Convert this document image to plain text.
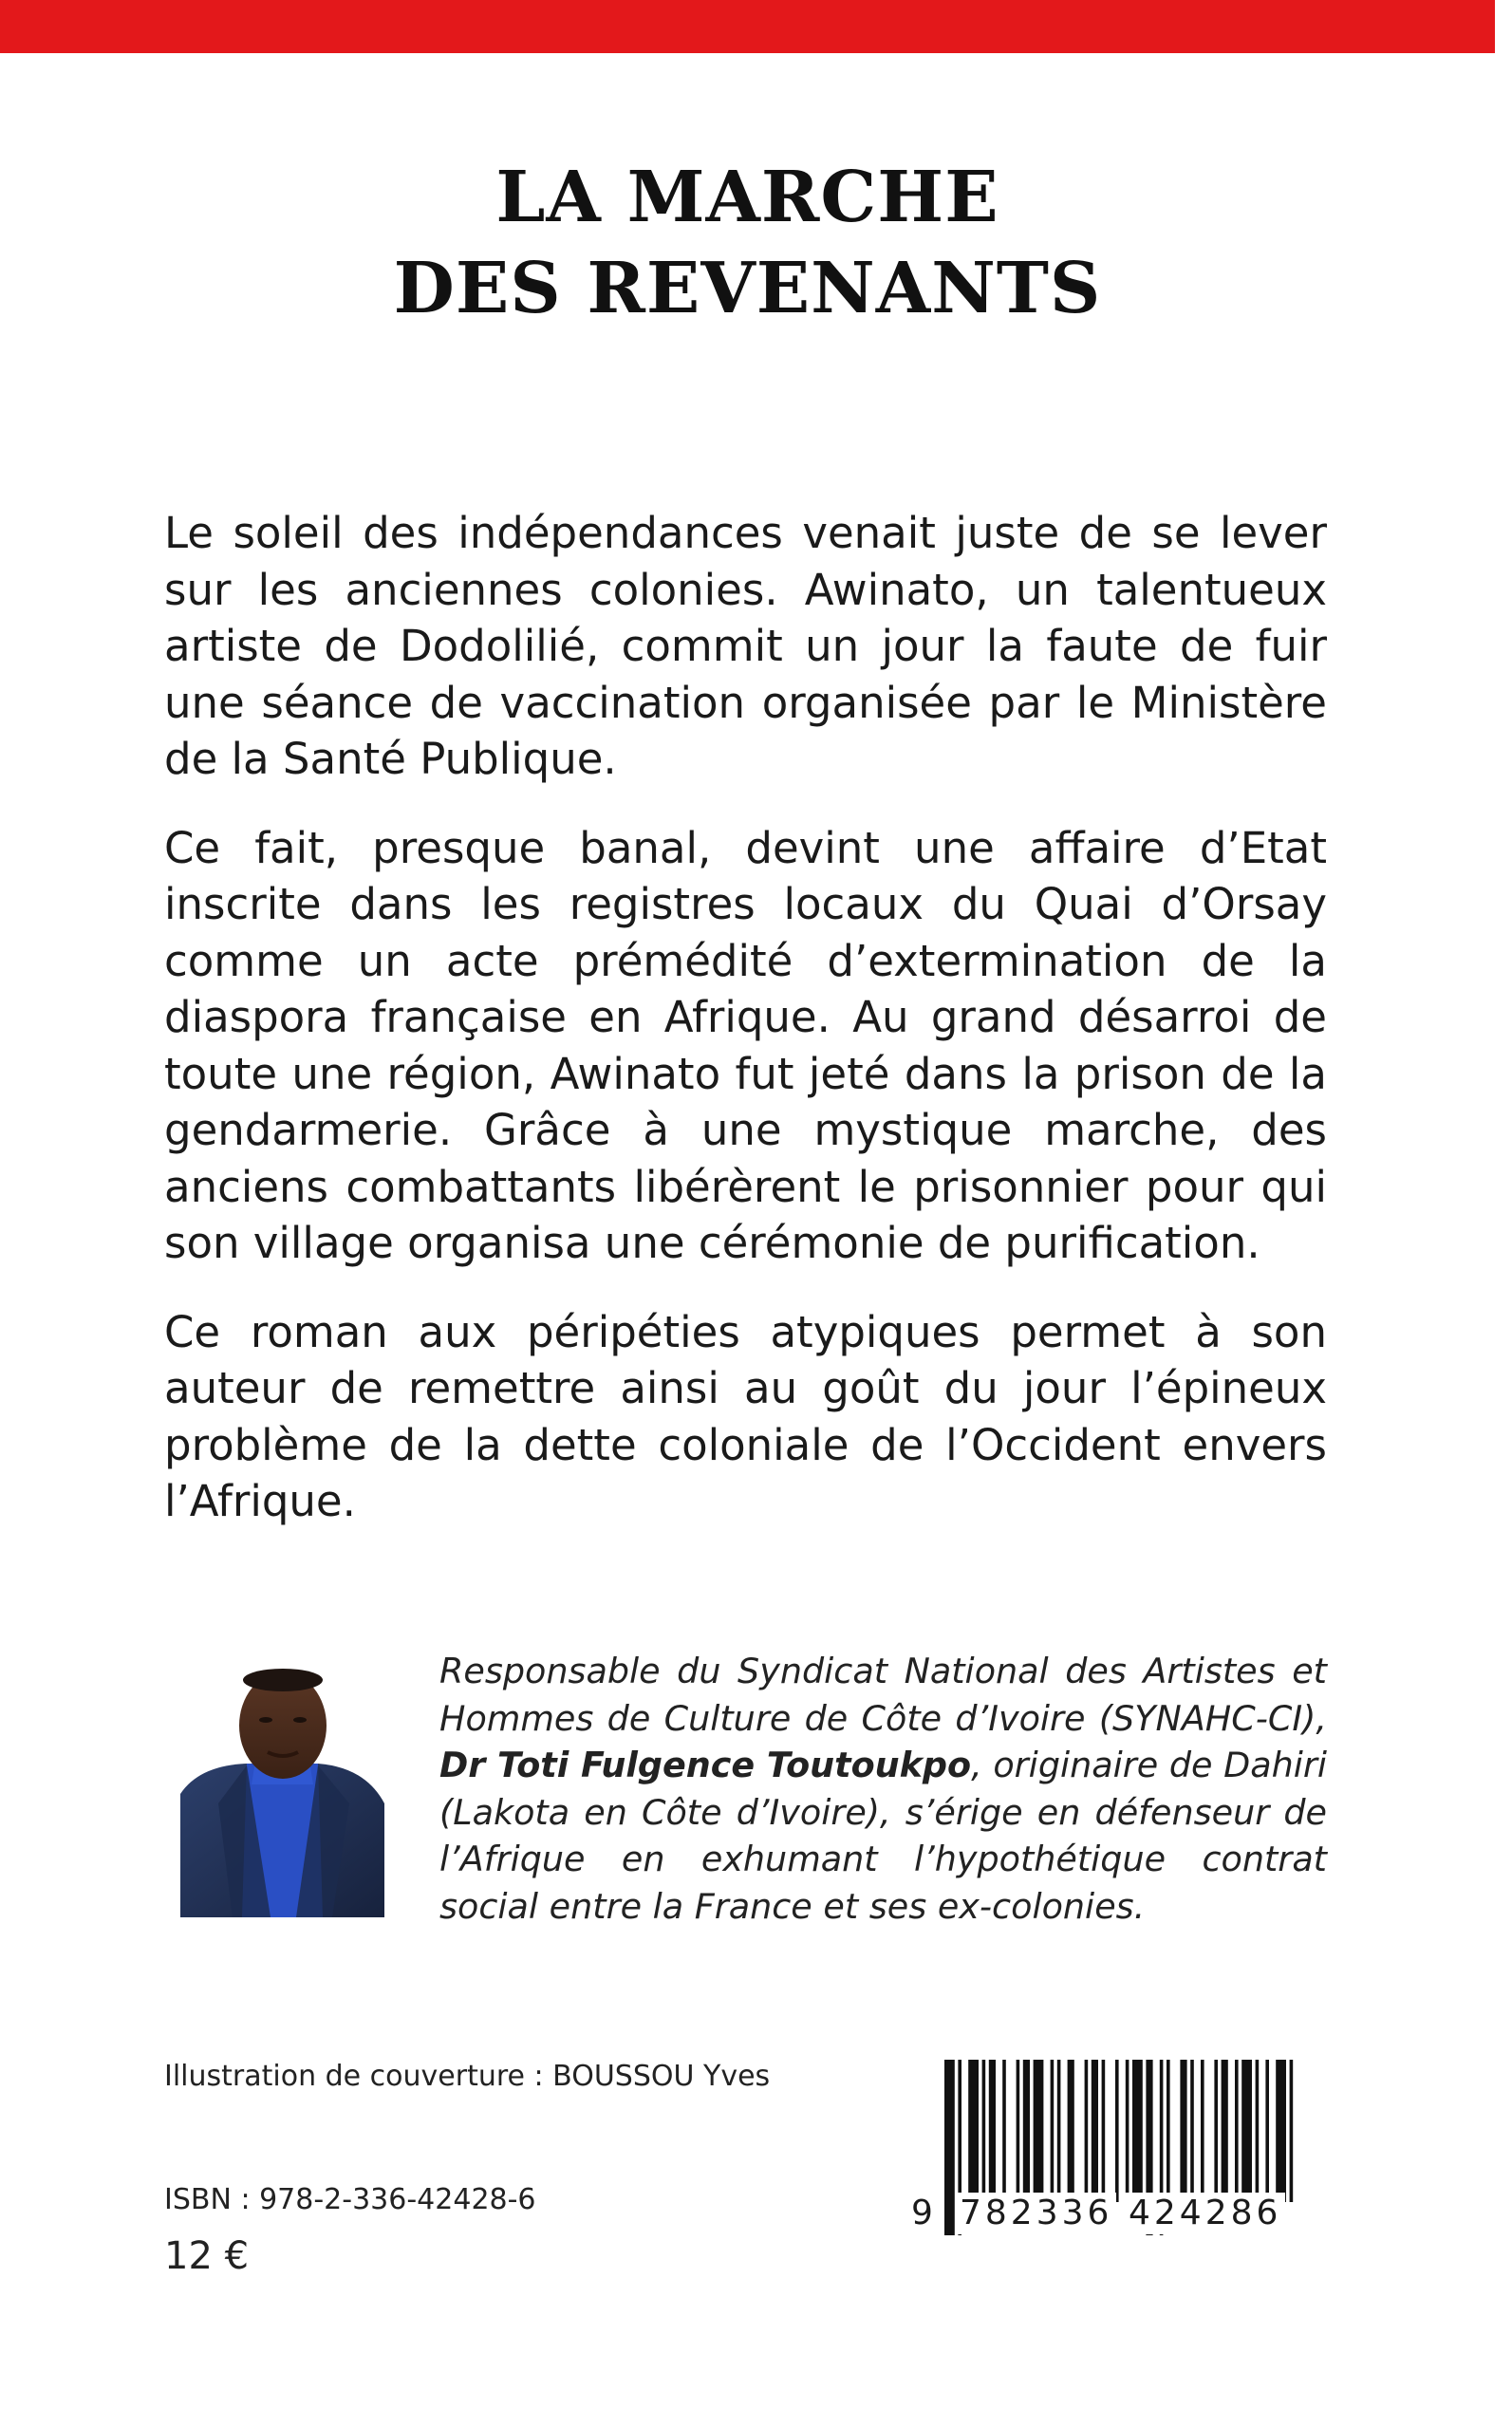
LA MARCHE
DES REVENANTS

Le soleil des indépendances venait juste de se lever sur les anciennes colonies. Awinato, un talentueux artiste de Dodolilié, commit un jour la faute de fuir une séance de vaccination organisée par le Ministère de la Santé Publique.

Ce fait, presque banal, devint une affaire d’Etat inscrite dans les registres locaux du Quai d’Orsay comme un acte prémédité d’extermination de la diaspora française en Afrique. Au grand désarroi de toute une région, Awinato fut jeté dans la prison de la gendarmerie. Grâce à une mystique marche, des anciens combattants libérèrent le prisonnier pour qui son village organisa une cérémonie de purification.

Ce roman aux péripéties atypiques permet à son auteur de remettre ainsi au goût du jour l’épineux problème de la dette coloniale de l’Occident envers l’Afrique.

Responsable du Syndicat National des Artistes et Hommes de Culture de Côte d’Ivoire (SYNAHC-CI), Dr Toti Fulgence Toutoukpo, originaire de Dahiri (Lakota en Côte d’Ivoire), s’érige en défenseur de l’Afrique en exhumant l’hypothétique contrat social entre la France et ses ex-colonies.
Illustration de couverture : BOUSSOU Yves
ISBN : 978-2-336-42428-6
12 €

9

782336

424286
